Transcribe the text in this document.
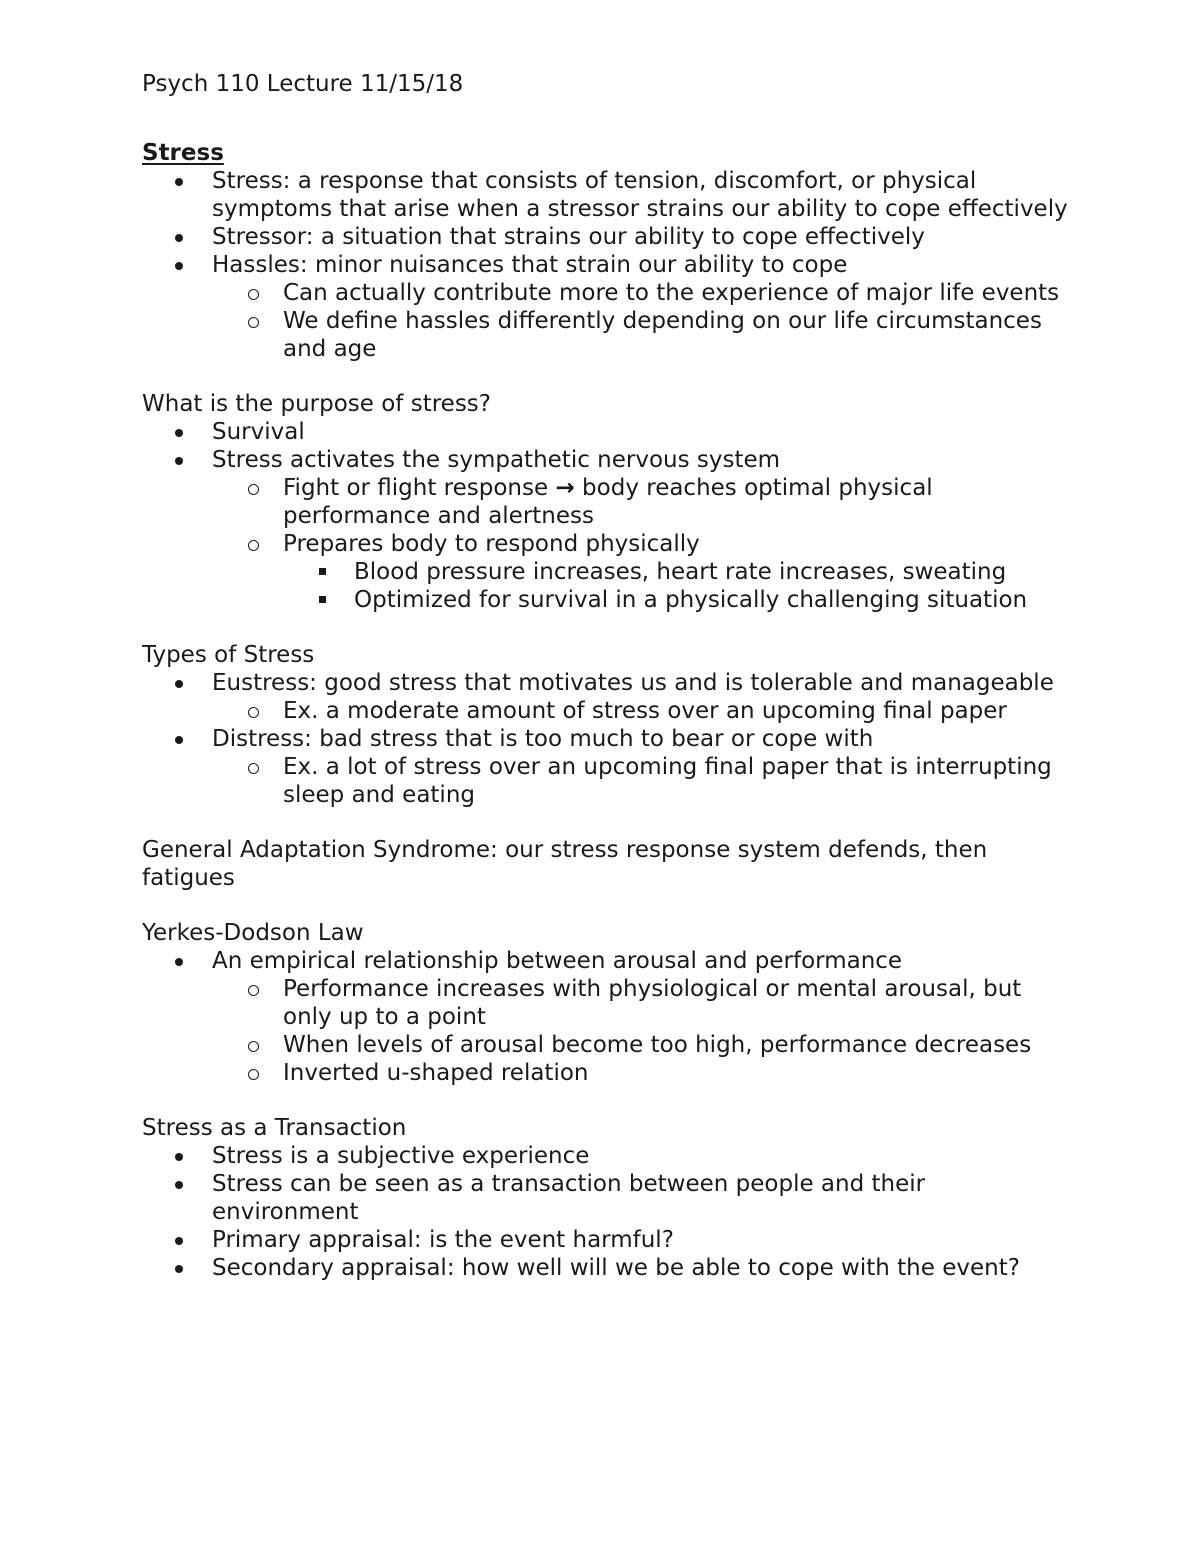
Psych 110 Lecture 11/15/18

Stress

Stress: a response that consists of tension, discomfort, or physical symptoms that arise when a stressor strains our ability to cope effectively
Stressor: a situation that strains our ability to cope effectively
Hassles: minor nuisances that strain our ability to cope
Can actually contribute more to the experience of major life events
We define hassles differently depending on our life circumstances and age

What is the purpose of stress?

Survival
Stress activates the sympathetic nervous system
Fight or flight response → body reaches optimal physical performance and alertness
Prepares body to respond physically
Blood pressure increases, heart rate increases, sweating
Optimized for survival in a physically challenging situation

Types of Stress

Eustress: good stress that motivates us and is tolerable and manageable
Ex. a moderate amount of stress over an upcoming final paper
Distress: bad stress that is too much to bear or cope with
Ex. a lot of stress over an upcoming final paper that is interrupting sleep and eating

General Adaptation Syndrome: our stress response system defends, then fatigues

Yerkes-Dodson Law

An empirical relationship between arousal and performance
Performance increases with physiological or mental arousal, but only up to a point
When levels of arousal become too high, performance decreases
Inverted u-shaped relation

Stress as a Transaction

Stress is a subjective experience
Stress can be seen as a transaction between people and their environment
Primary appraisal: is the event harmful?
Secondary appraisal: how well will we be able to cope with the event?
